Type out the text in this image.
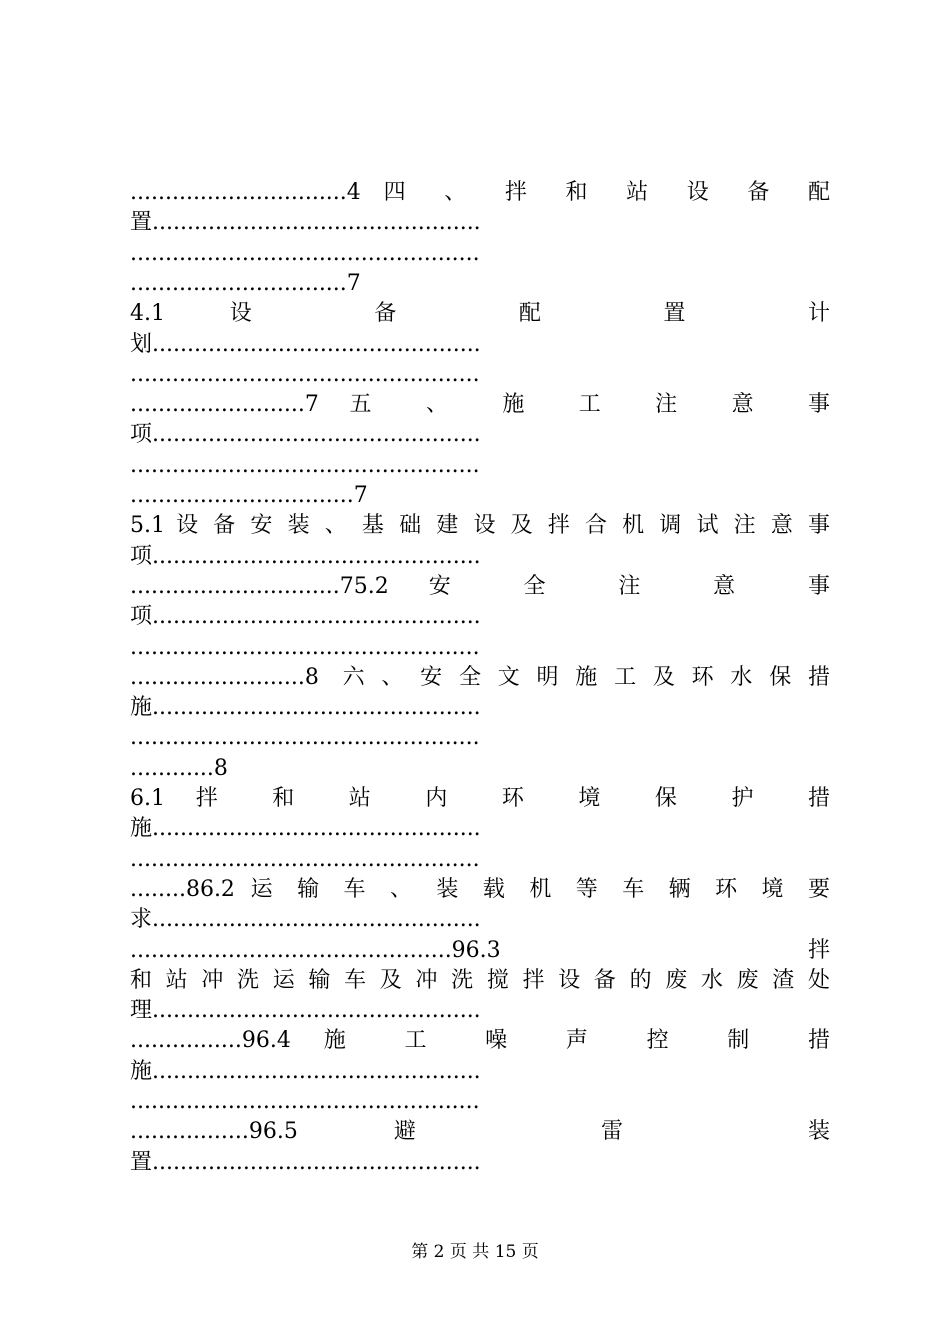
...............................4 四 、 拌 和 站 设 备 配
置...............................................
..................................................
...............................7
4.1 设 备 配 置 计
划...............................................
..................................................
.........................7 五 、 施 工 注 意 事
项...............................................
..................................................
................................7
5.1 设 备 安 装 、 基 础 建 设 及 拌 合 机 调 试 注 意 事
项...............................................
..............................75.2 安 全 注 意 事
项...............................................
..................................................
.........................8 六、安全文明施工及环水保措
施...............................................
..................................................
............8
6.1 拌 和 站 内 环 境 保 护 措
施...............................................
..................................................
........86.2 运 输 车 、 装 载 机 等 车 辆 环 境 要
求...............................................
..............................................96.3 拌
和 站 冲 洗 运 输 车 及 冲 洗 搅 拌 设 备 的 废 水 废 渣 处
理...............................................
................96.4 施 工 噪 声 控 制 措
施...............................................
..................................................
.................96.5 避 雷 装
置...............................................
第 2 页 共 15 页
